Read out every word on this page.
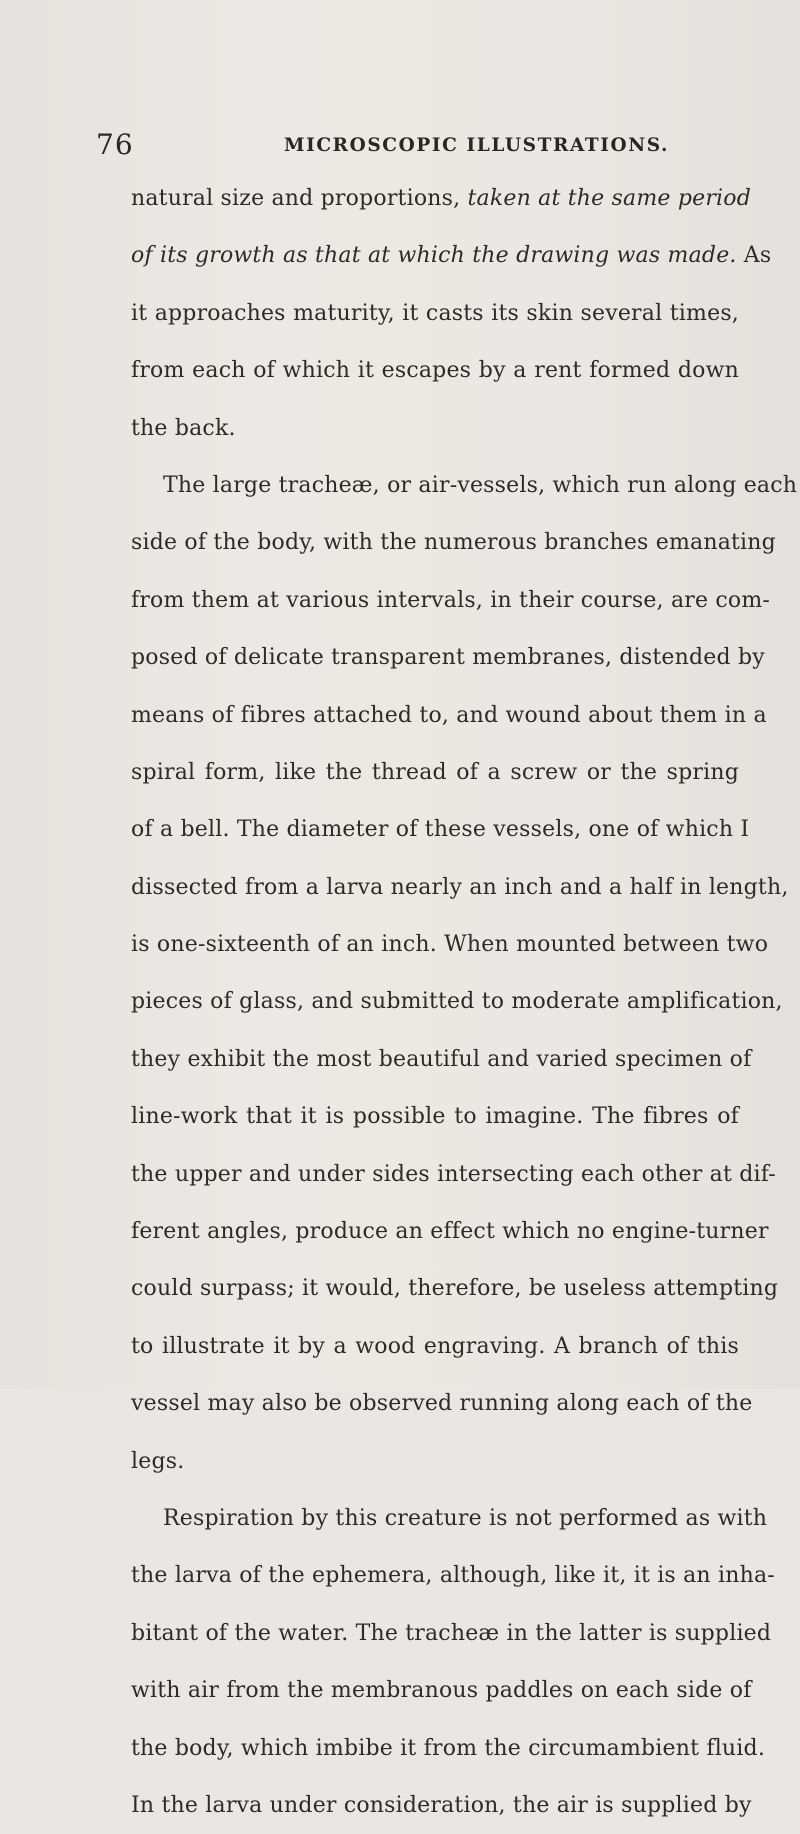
76	MICROSCOPIC ILLUSTRATIONS.
natural size and proportions, taken at the same period
of its growth as that at which the drawing was made. As
it approaches maturity, it casts its skin several times,
from each of which it escapes by a rent formed down
the back.
The large tracheæ, or air-vessels, which run along each
side of the body, with the numerous branches emanating
from them at various intervals, in their course, are com-
posed of delicate transparent membranes, distended by
means of fibres attached to, and wound about them in a
spiral form, like the thread of a screw or the spring
of a bell. The diameter of these vessels, one of which I
dissected from a larva nearly an inch and a half in length,
is one-sixteenth of an inch. When mounted between two
pieces of glass, and submitted to moderate amplification,
they exhibit the most beautiful and varied specimen of
line-work that it is possible to imagine. The fibres of
the upper and under sides intersecting each other at dif-
ferent angles, produce an effect which no engine-turner
could surpass; it would, therefore, be useless attempting
to illustrate it by a wood engraving. A branch of this
vessel may also be observed running along each of the
legs.
Respiration by this creature is not performed as with
the larva of the ephemera, although, like it, it is an inha-
bitant of the water. The tracheæ in the latter is supplied
with air from the membranous paddles on each side of
the body, which imbibe it from the circumambient fluid.
In the larva under consideration, the air is supplied by
